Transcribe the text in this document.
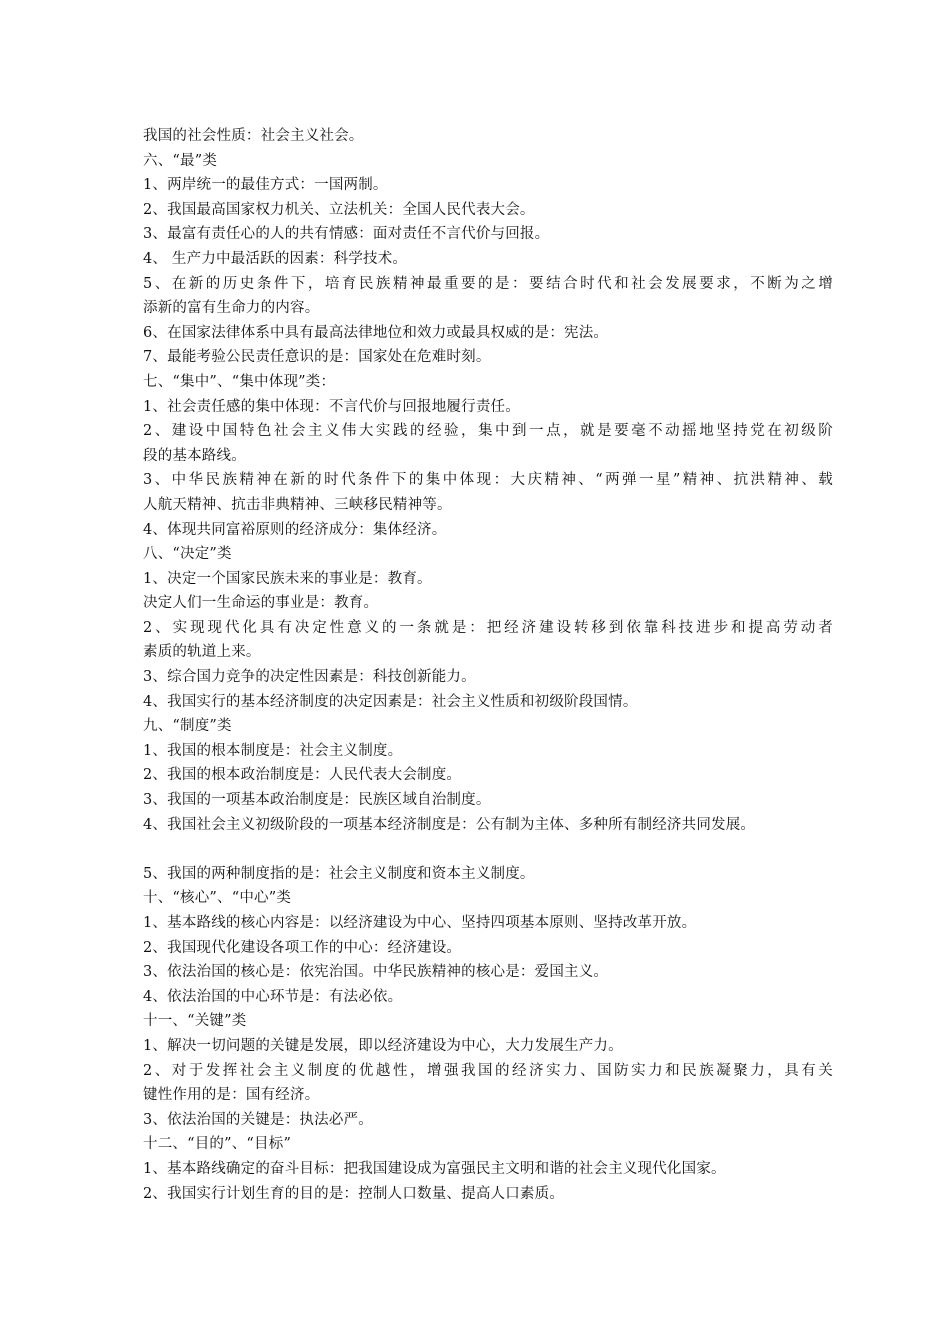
我国的社会性质：社会主义社会。
六、“最”类
1、两岸统一的最佳方式：一国两制。
2、我国最高国家权力机关、立法机关：全国人民代表大会。
3、最富有责任心的人的共有情感：面对责任不言代价与回报。
4、 生产力中最活跃的因素：科学技术。
5、在新的历史条件下，培育民族精神最重要的是：要结合时代和社会发展要求，不断为之增
添新的富有生命力的内容。
6、在国家法律体系中具有最高法律地位和效力或最具权威的是：宪法。
7、最能考验公民责任意识的是：国家处在危难时刻。
七、“集中”、“集中体现”类：
1、社会责任感的集中体现：不言代价与回报地履行责任。
2、建设中国特色社会主义伟大实践的经验，集中到一点，就是要毫不动摇地坚持党在初级阶
段的基本路线。
3、中华民族精神在新的时代条件下的集中体现：大庆精神、“两弹一星”精神、抗洪精神、载
人航天精神、抗击非典精神、三峡移民精神等。
4、体现共同富裕原则的经济成分：集体经济。
八、“决定”类
1、决定一个国家民族未来的事业是：教育。
决定人们一生命运的事业是：教育。
2、实现现代化具有决定性意义的一条就是：把经济建设转移到依靠科技进步和提高劳动者
素质的轨道上来。
3、综合国力竞争的决定性因素是：科技创新能力。
4、我国实行的基本经济制度的决定因素是：社会主义性质和初级阶段国情。
九、“制度”类
1、我国的根本制度是：社会主义制度。
2、我国的根本政治制度是：人民代表大会制度。
3、我国的一项基本政治制度是：民族区域自治制度。
4、我国社会主义初级阶段的一项基本经济制度是：公有制为主体、多种所有制经济共同发展。
5、我国的两种制度指的是：社会主义制度和资本主义制度。
十、“核心”、“中心”类
1、基本路线的核心内容是：以经济建设为中心、坚持四项基本原则、坚持改革开放。
2、我国现代化建设各项工作的中心：经济建设。
3、依法治国的核心是：依宪治国。中华民族精神的核心是：爱国主义。
4、依法治国的中心环节是：有法必依。
十一、“关键”类
1、解决一切问题的关键是发展，即以经济建设为中心，大力发展生产力。
2、对于发挥社会主义制度的优越性，增强我国的经济实力、国防实力和民族凝聚力，具有关
键性作用的是：国有经济。
3、依法治国的关键是：执法必严。
十二、“目的”、“目标”
1、基本路线确定的奋斗目标：把我国建设成为富强民主文明和谐的社会主义现代化国家。
2、我国实行计划生育的目的是：控制人口数量、提高人口素质。
